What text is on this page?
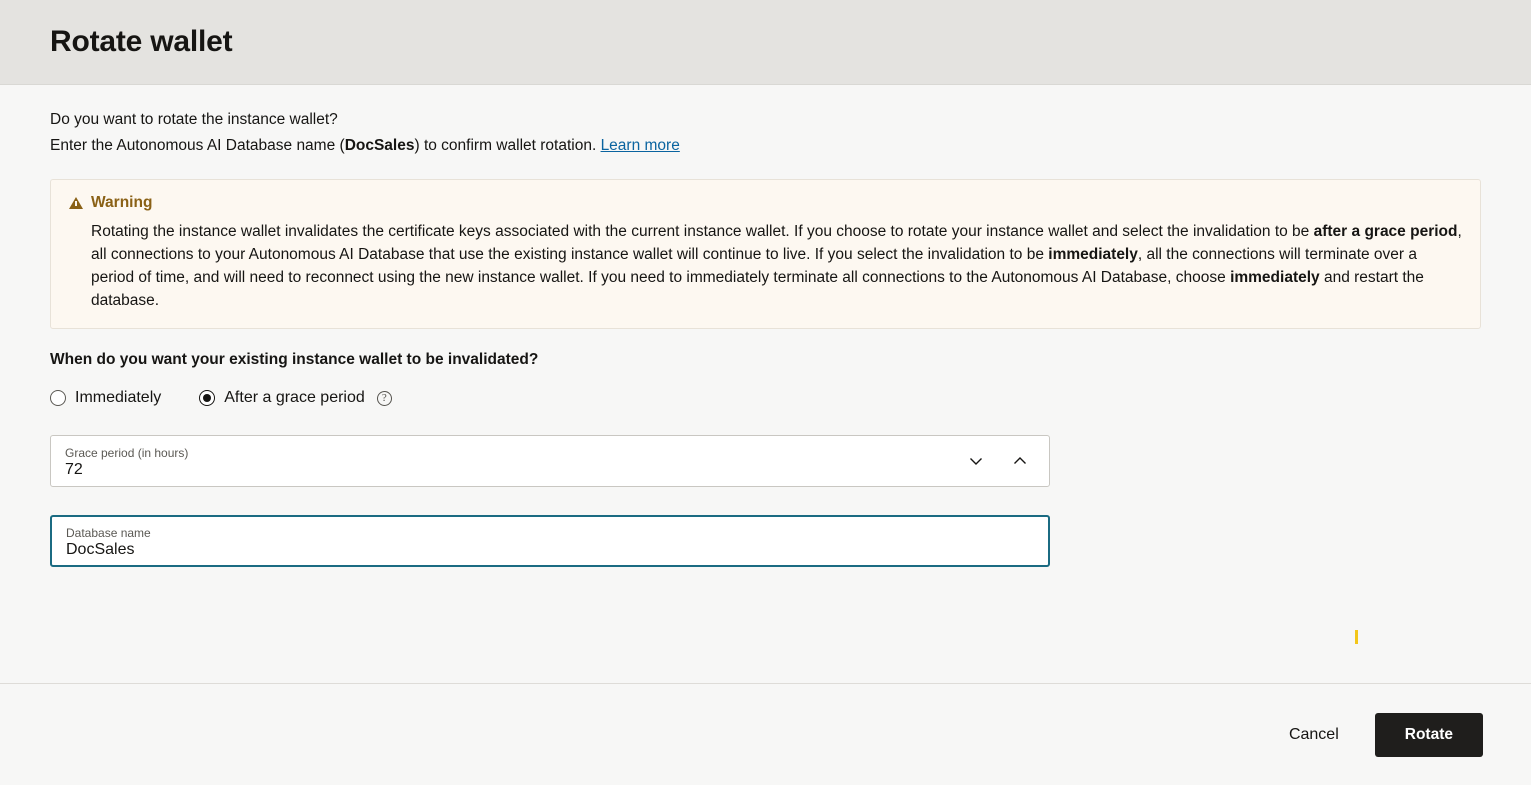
Rotate wallet
Do you want to rotate the instance wallet?
Enter the Autonomous AI Database name (DocSales) to confirm wallet rotation. Learn more
Warning
Rotating the instance wallet invalidates the certificate keys associated with the current instance wallet. If you choose to rotate your instance wallet and select the invalidation to be after a grace period, all connections to your Autonomous AI Database that use the existing instance wallet will continue to live. If you select the invalidation to be immediately, all the connections will terminate over a period of time, and will need to reconnect using the new instance wallet. If you need to immediately terminate all connections to the Autonomous AI Database, choose immediately and restart the database.
When do you want your existing instance wallet to be invalidated?
Immediately	After a grace period	?
Grace period (in hours)
72
Database name
DocSales
Cancel	Rotate
